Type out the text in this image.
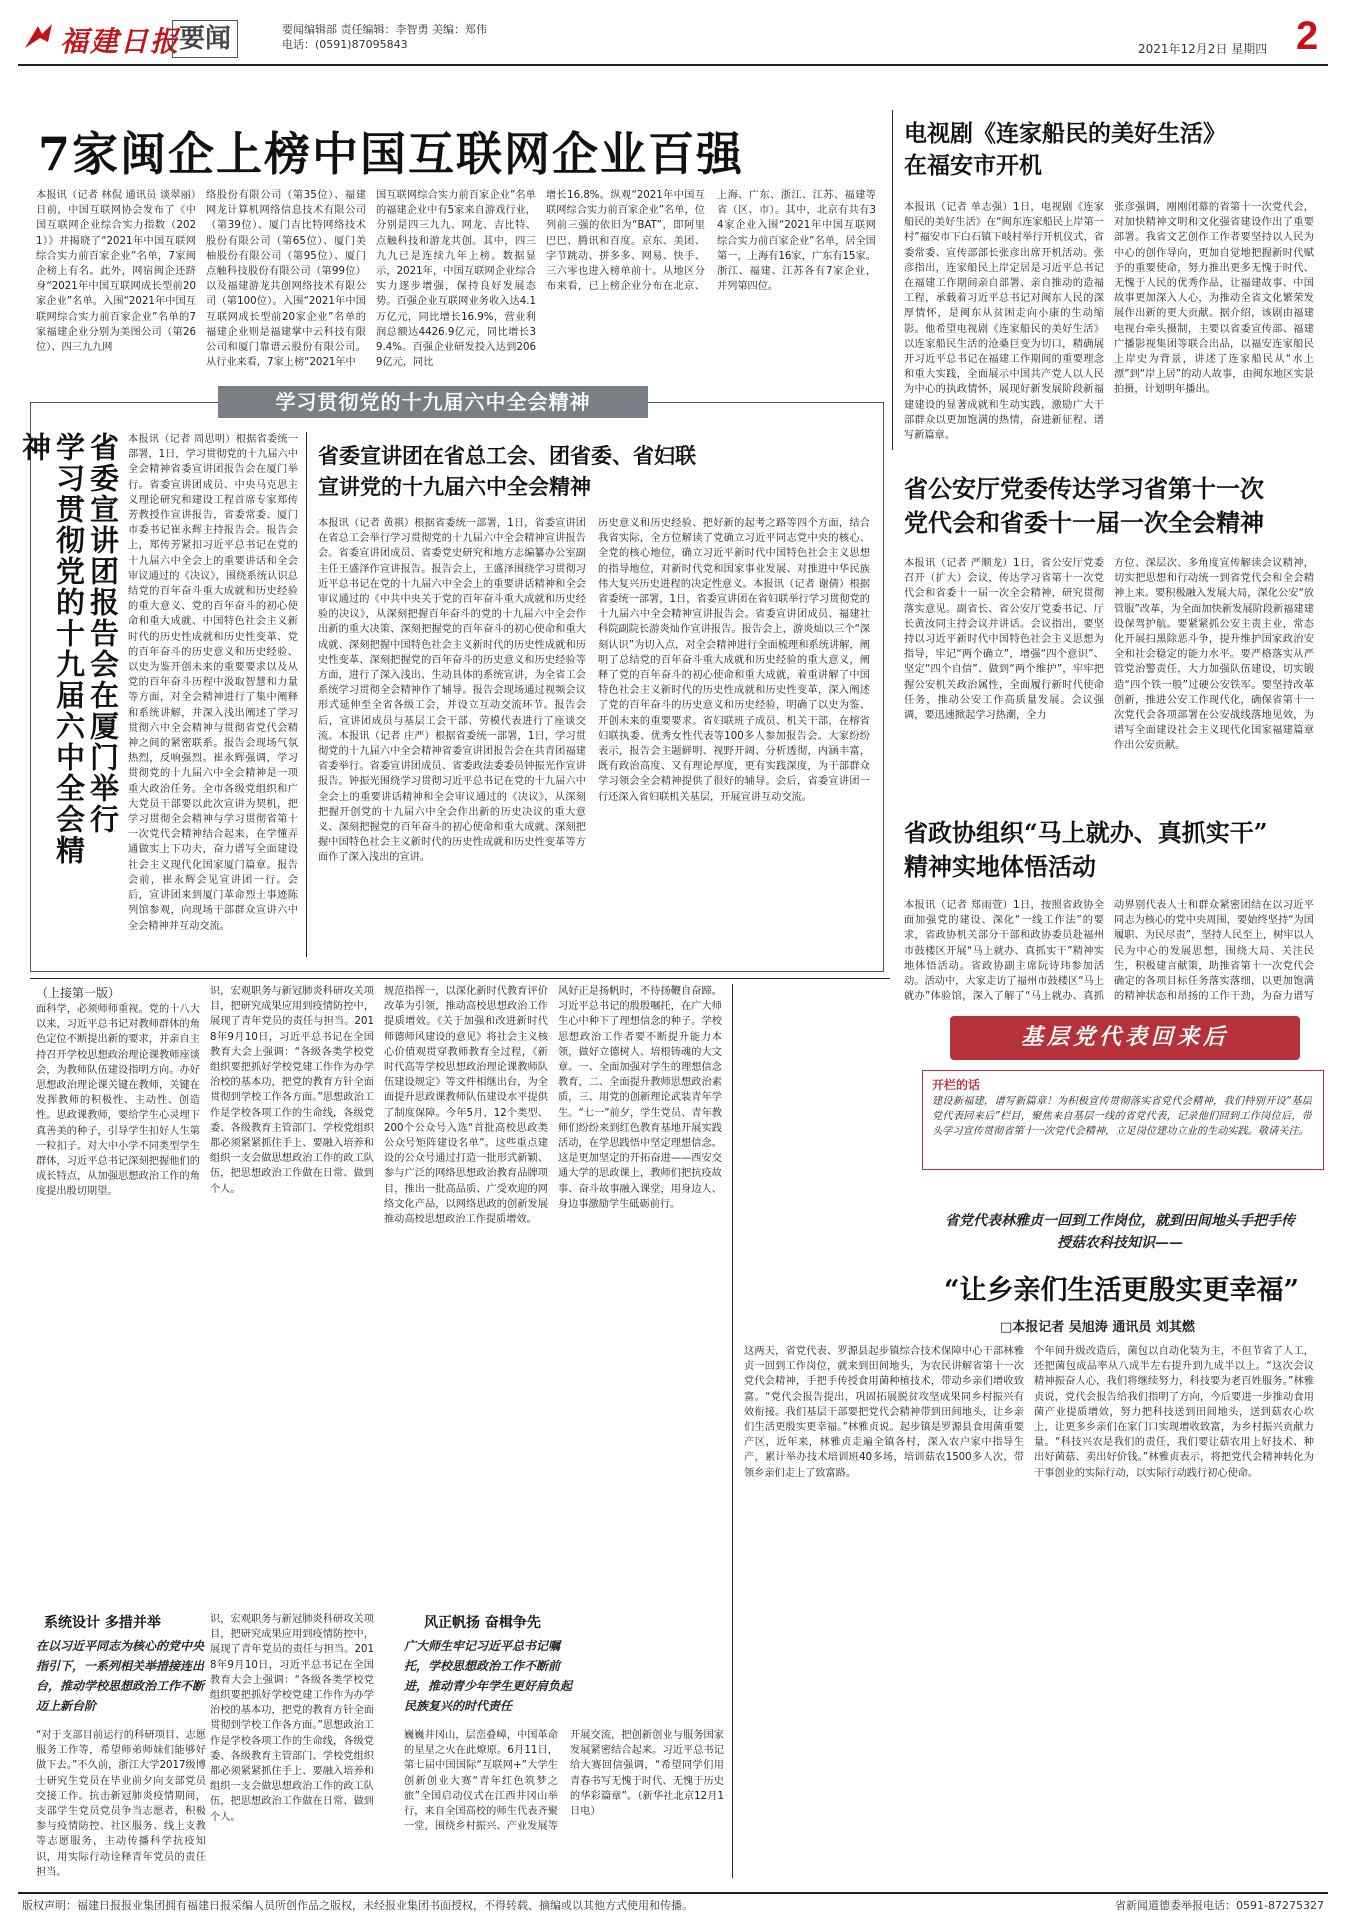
福建日报
要闻	要闻编辑部 责任编辑：李智勇 美编：郑伟
电话：(0591)87095843	2021年12月2日 星期四 2
7家闽企上榜中国互联网企业百强
本报讯（记者 林侃 通讯员 谈翠丽）日前，中国互联网协会发布了《中国互联网企业综合实力指数（2021）》并揭晓了“2021年中国互联网综合实力前百家企业”名单，7家闽企榜上有名。此外，网宿闽企还跻身“2021年中国互联网成长型前20家企业”名单。入围“2021年中国互联网综合实力前百家企业”名单的7家福建企业分别为美图公司（第26位）、四三九九网
络股份有限公司（第35位）、福建网龙计算机网络信息技术有限公司（第39位）、厦门吉比特网络技术股份有限公司（第65位）、厦门美柚股份有限公司（第95位）、厦门点触科技股份有限公司（第99位）以及福建游龙共创网络技术有限公司（第100位）。入围“2021年中国互联网成长型前20家企业”名单的福建企业则是福建掌中云科技有限公司和厦门靠谱云股份有限公司。从行业来看，7家上榜“2021年中
国互联网综合实力前百家企业”名单的福建企业中有5家来自游戏行业，分别是四三九九、网龙、吉比特、点触科技和游龙共创。其中，四三九九已是连续九年上榜。数据显示，2021年，中国互联网企业综合实力逐步增强，保持良好发展态势。百强企业互联网业务收入达4.1万亿元，同比增长16.9%，营业利润总额达4426.9亿元，同比增长39.4%。百强企业研发投入达到2069亿元，同比
增长16.8%。纵观“2021年中国互联网综合实力前百家企业”名单，位列前三强的依旧为“BAT”，即阿里巴巴、腾讯和百度。京东、美团、字节跳动、拼多多、网易、快手、三六零也进入榜单前十。从地区分布来看，已上榜企业分布在北京、上海、广东、浙江、江苏、福建等省（区、市）。其中，北京有共有34家企业入围“2021年中国互联网综合实力前百家企业”名单，居全国第一，上海有16家，广东有15家。浙江、福建、江苏各有7家企业，并列第四位。
电视剧《连家船民的美好生活》
在福安市开机
本报讯（记者 单志强）1日，电视剧《连家船民的美好生活》在“闽东连家船民上岸第一村”福安市下白石镇下岐村举行开机仪式，省委常委、宣传部部长张彦出席开机活动。张彦指出，连家船民上岸定居是习近平总书记在福建工作期间亲自部署、亲自推动的造福工程，承载着习近平总书记对闽东人民的深厚情怀，是闽东从贫困走向小康的生动缩影。他希望电视剧《连家船民的美好生活》以连家船民生活的沧桑巨变为切口，精确展开习近平总书记在福建工作期间的重要理念和重大实践，全面展示中国共产党人以人民为中心的执政情怀，展现好新发展阶段新福建建设的显著成就和生动实践，激励广大干部群众以更加饱满的热情，奋进新征程、谱写新篇章。
张彦强调，刚刚闭幕的省第十一次党代会，对加快精神文明和文化强省建设作出了重要部署。我省文艺创作工作者要坚持以人民为中心的创作导向，更加自觉地把握新时代赋予的重要使命，努力推出更多无愧于时代、无愧于人民的优秀作品，让福建故事、中国故事更加深入人心，为推动全省文化繁荣发展作出新的更大贡献。据介绍，该剧由福建电视台牵头摄制，主要以省委宣传部、福建广播影视集团等联合出品，以福安连家船民上岸史为背景，讲述了连家船民从“水上漂”到“岸上居”的动人故事，由闽东地区实景拍摄，计划明年播出。
学习贯彻党的十九届六中全会精神
省委宣讲团报告会在厦门举行 学习贯彻党的十九届六中全会精神	本报讯（记者 周思明）根据省委统一部署，1日，学习贯彻党的十九届六中全会精神省委宣讲团报告会在厦门举行。省委宣讲团成员、中央马克思主义理论研究和建设工程首席专家郑传芳教授作宣讲报告，省委常委、厦门市委书记崔永辉主持报告会。报告会上，郑传芳紧扣习近平总书记在党的十九届六中全会上的重要讲话和全会审议通过的《决议》，围绕系统认识总结党的百年奋斗重大成就和历史经验的重大意义、党的百年奋斗的初心使命和重大成就、中国特色社会主义新时代的历史性成就和历史性变革、党的百年奋斗的历史意义和历史经验、以史为鉴开创未来的重要要求以及从党的百年奋斗历程中汲取智慧和力量等方面，对全会精神进行了集中阐释和系统讲解，并深入浅出阐述了学习贯彻六中全会精神与贯彻省党代会精神之间的紧密联系。报告会现场气氛热烈，反响强烈。崔永辉强调，学习贯彻党的十九届六中全会精神是一项重大政治任务。全市各级党组织和广大党员干部要以此次宣讲为契机，把学习贯彻全会精神与学习贯彻省第十一次党代会精神结合起来，在学懂弄通做实上下功夫，奋力谱写全面建设社会主义现代化国家厦门篇章。报告会前，崔永辉会见宣讲团一行。会后，宣讲团来到厦门革命烈士事迹陈列馆参观，向现场干部群众宣讲六中全会精神并互动交流。
省委宣讲团在省总工会、团省委、省妇联
宣讲党的十九届六中全会精神
本报讯（记者 黄祺）根据省委统一部署，1日，省委宣讲团在省总工会举行学习贯彻党的十九届六中全会精神宣讲报告会。省委宣讲团成员、省委党史研究和地方志编纂办公室副主任王盛泽作宣讲报告。报告会上，王盛泽围绕学习贯彻习近平总书记在党的十九届六中全会上的重要讲话精神和全会审议通过的《中共中央关于党的百年奋斗重大成就和历史经验的决议》，从深刻把握百年奋斗的党的十九届六中全会作出新的重大决策、深刻把握党的百年奋斗的初心使命和重大成就、深刻把握中国特色社会主义新时代的历史性成就和历史性变革、深刻把握党的百年奋斗的历史意义和历史经验等方面，进行了深入浅出、生动具体的系统宣讲，为全省工会系统学习贯彻全会精神作了辅导。报告会现场通过视频会议形式延伸至全省各级工会，并设立互动交流环节。报告会后，宣讲团成员与基层工会干部、劳模代表进行了座谈交流。本报讯（记者 庄严）根据省委统一部署，1日，学习贯彻党的十九届六中全会精神省委宣讲团报告会在共青团福建省委举行。省委宣讲团成员、省委政法委委员钟振光作宣讲报告。钟振光围绕学习贯彻习近平总书记在党的十九届六中全会上的重要讲话精神和全会审议通过的《决议》，从深刻把握开创党的十九届六中全会作出新的历史决议的重大意义、深刻把握党的百年奋斗的初心使命和重大成就、深刻把握中国特色社会主义新时代的历史性成就和历史性变革等方面作了深入浅出的宣讲。
历史意义和历史经验、把好新的起考之路等四个方面，结合我省实际，全方位解读了党确立习近平同志党中央的核心、全党的核心地位，确立习近平新时代中国特色社会主义思想的指导地位，对新时代党和国家事业发展、对推进中华民族伟大复兴历史进程的决定性意义。本报讯（记者 谢倩）根据省委统一部署，1日，省委宣讲团在省妇联举行学习贯彻党的十九届六中全会精神宣讲报告会。省委宣讲团成员、福建社科院副院长游炎灿作宣讲报告。报告会上，游炎灿以三个“深刻认识”为切入点，对全会精神进行全面梳理和系统讲解，阐明了总结党的百年奋斗重大成就和历史经验的重大意义，阐释了党的百年奋斗的初心使命和重大成就，着重讲解了中国特色社会主义新时代的历史性成就和历史性变革，深入阐述了党的百年奋斗的历史意义和历史经验，明确了以史为鉴、开创未来的重要要求。省妇联班子成员、机关干部，在榕省妇联执委、优秀女性代表等100多人参加报告会。大家纷纷表示，报告会主题鲜明、视野开阔、分析透彻，内涵丰富，既有政治高度、又有理论厚度，更有实践深度，为干部群众学习领会全会精神提供了很好的辅导。会后，省委宣讲团一行还深入省妇联机关基层，开展宣讲互动交流。
省公安厅党委传达学习省第十一次
党代会和省委十一届一次全会精神
本报讯（记者 严顺龙）1日，省公安厅党委召开（扩大）会议，传达学习省第十一次党代会和省委十一届一次全会精神，研究贯彻落实意见。副省长、省公安厅党委书记、厅长黄汝同主持会议并讲话。会议指出，要坚持以习近平新时代中国特色社会主义思想为指导，牢记“两个确立”，增强“四个意识”、坚定“四个自信”、做到“两个维护”，牢牢把握公安机关政治属性，全面履行新时代使命任务，推动公安工作高质量发展。会议强调，要迅速掀起学习热潮，全力
方位、深层次、多角度宣传解读会议精神，切实把思想和行动统一到省党代会和全会精神上来。要积极融入发展大局，深化公安“放管服”改革，为全面加快新发展阶段新福建建设保驾护航。要紧紧抓公安主责主业，常态化开展扫黑除恶斗争，提升维护国家政治安全和社会稳定的能力水平。要严格落实从严管党治警责任，大力加强队伍建设，切实锻造“四个铁一般”过硬公安铁军。要坚持改革创新，推进公安工作现代化，确保省第十一次党代会各项部署在公安战线落地见效，为谱写全面建设社会主义现代化国家福建篇章作出公安贡献。
省政协组织“马上就办、真抓实干”
精神实地体悟活动
本报讯（记者 郑雨萱）1日，按照省政协全面加强党的建设、深化“一线工作法”的要求，省政协机关部分干部和政协委员赴福州市鼓楼区开展“马上就办、真抓实干”精神实地体悟活动。省政协副主席阮诗玮参加活动。活动中，大家走访了福州市鼓楼区“马上就办”体验馆，深入了解了“马上就办、真抓
动界别代表人士和群众紧密团结在以习近平同志为核心的党中央周围，要始终坚持“为国履职、为民尽责”，坚持人民至上，树牢以人民为中心的发展思想，围绕大局、关注民生，积极建言献策，助推省第十一次党代会确定的各项目标任务落实落细，以更加饱满的精神状态和昂扬的工作干劲，为奋力谱写
（上接第一版）
面科学，必须师师重视。党的十八大以来，习近平总书记对教师群体的角色定位不断提出新的要求，并亲自主持召开学校思想政治理论课教师座谈会，为教师队伍建设指明方向。办好思想政治理论课关键在教师，关键在发挥教师的积极性、主动性、创造性。思政课教师，要给学生心灵埋下真善美的种子，引导学生扣好人生第一粒扣子。对大中小学不同类型学生群体，习近平总书记深刻把握他们的成长特点，从加强思想政治工作的角度提出殷切期望。
识，宏观职务与新冠肺炎科研攻关项目，把研究成果应用到疫情防控中，展现了青年党员的责任与担当。2018年9月10日，习近平总书记在全国教育大会上强调：“各级各类学校党组织要把抓好学校党建工作作为办学治校的基本功，把党的教育方针全面贯彻到学校工作各方面。”思想政治工作是学校各项工作的生命线，各级党委、各级教育主管部门、学校党组织都必须紧紧抓住手上、要融入培养和组织一支会做思想政治工作的政工队伍，把思想政治工作做在日常、做到个人。
规范指挥一，以深化新时代教育评价改革为引领，推动高校思想政治工作提质增效。《关于加强和改进新时代师德师风建设的意见》将社会主义核心价值观贯穿教师教育全过程，《新时代高等学校思想政治理论课教师队伍建设规定》等文件相继出台，为全面提升思政课教师队伍建设水平提供了制度保障。今年5月，12个类型、200个公众号入选“首批高校思政类公众号矩阵建设名单”。这些重点建设的公众号通过打造一批形式新颖、参与广泛的网络思想政治教育品牌项目，推出一批高品质、广受欢迎的网络文化产品，以网络思政的创新发展推动高校思想政治工作提质增效。
风好正是扬帆时，不待扬鞭自奋蹄。习近平总书记的殷殷嘱托，在广大师生心中种下了理想信念的种子。学校思想政治工作者要不断提升能力本领，做好立德树人、培根铸魂的大文章。一、全面加强对学生的理想信念教育，二、全面提升教师思想政治素质，三、用党的创新理论武装青年学生。“七一”前夕，学生党员、青年教师们纷纷来到红色教育基地开展实践活动，在学思践悟中坚定理想信念。这是更加坚定的开拓奋进——西安交通大学的思政课上，教师们把抗疫故事、奋斗故事融入课堂，用身边人、身边事激励学生砥砺前行。
系统设计 多措并举
在以习近平同志为核心的党中央指引下，一系列相关举措接连出台，推动学校思想政治工作不断迈上新台阶
“对于支部目前运行的科研项目、志愿服务工作等，希望师弟师妹们能够好做下去。”不久前，浙江大学2017级博士研究生党员在毕业前夕向支部党员交接工作。抗击新冠肺炎疫情期间，支部学生党员党员争当志愿者，积极参与疫情防控、社区服务、线上支教等志愿服务，主动传播科学抗疫知识，用实际行动诠释青年党员的责任担当。
风正帆扬 奋楫争先
广大师生牢记习近平总书记嘱托，学校思想政治工作不断前进，推动青少年学生更好肩负起民族复兴的时代责任
巍巍井冈山，层峦叠嶂，中国革命的星星之火在此燎原。6月11日，第七届中国国际“互联网+”大学生创新创业大赛“青年红色筑梦之旅”全国启动仪式在江西井冈山举行，来自全国高校的师生代表齐聚一堂，围绕乡村振兴、产业发展等开展交流，把创新创业与服务国家发展紧密结合起来。习近平总书记给大赛回信强调，“希望同学们用青春书写无愧于时代、无愧于历史的华彩篇章”。（新华社北京12月1日电）
识，宏观职务与新冠肺炎科研攻关项目，把研究成果应用到疫情防控中，展现了青年党员的责任与担当。2018年9月10日，习近平总书记在全国教育大会上强调：“各级各类学校党组织要把抓好学校党建工作作为办学治校的基本功，把党的教育方针全面贯彻到学校工作各方面。”思想政治工作是学校各项工作的生命线，各级党委、各级教育主管部门、学校党组织都必须紧紧抓住手上、要融入培养和组织一支会做思想政治工作的政工队伍，把思想政治工作做在日常、做到个人。
基层党代表回来后
开栏的话
建设新福建，谱写新篇章！为积极宣传贯彻落实省党代会精神，我们特别开设“基层党代表回来后”栏目，聚焦来自基层一线的省党代表，记录他们回到工作岗位后，带头学习宣传贯彻省第十一次党代会精神，立足岗位建功立业的生动实践。敬请关注。
省党代表林雅贞一回到工作岗位，就到田间地头手把手传授菇农科技知识——
“让乡亲们生活更殷实更幸福”
□本报记者 吴旭涛 通讯员 刘其燃
这两天，省党代表、罗源县起步镇综合技术保障中心干部林雅贞一回到工作岗位，就来到田间地头，为农民讲解省第十一次党代会精神，手把手传授食用菌种植技术，带动乡亲们增收致富。“党代会报告提出，巩固拓展脱贫攻坚成果同乡村振兴有效衔接。我们基层干部要把党代会精神带到田间地头，让乡亲们生活更殷实更幸福。”林雅贞说。起步镇是罗源县食用菌重要产区，近年来，林雅贞走遍全镇各村，深入农户家中指导生产，累计举办技术培训班40多场，培训菇农1500多人次，带领乡亲们走上了致富路。
个年间升级改造后，菌包以自动化装为主，不但节省了人工，还把菌包成品率从八成半左右提升到九成半以上。“这次会议精神振奋人心，我们将继续努力，科技要为老百姓服务。”林雅贞说，党代会报告给我们指明了方向，今后要进一步推动食用菌产业提质增效，努力把科技送到田间地头，送到菇农心坎上，让更多乡亲们在家门口实现增收致富，为乡村振兴贡献力量。“科技兴农是我们的责任，我们要让菇农用上好技术、种出好菌菇、卖出好价钱。”林雅贞表示，将把党代会精神转化为干事创业的实际行动，以实际行动践行初心使命。
版权声明：福建日报报业集团拥有福建日报采编人员所创作品之版权，未经报业集团书面授权，不得转载、摘编或以其他方式使用和传播。	省新闻道德委举报电话：0591-87275327
